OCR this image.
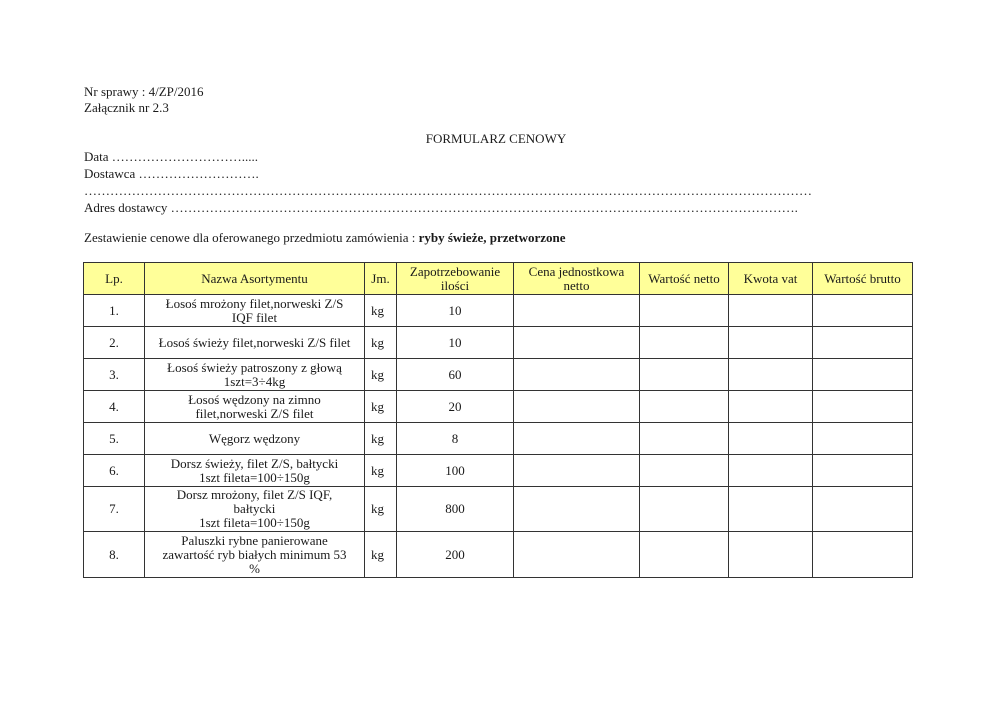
Nr sprawy : 4/ZP/2016
Załącznik nr 2.3
FORMULARZ CENOWY
Data ………………………….....
Dostawca ……………………….
……………………………………………………………………………………………………………………………………………………
Adres dostawcy ……………………………………………………………………………………………………………………………….
Zestawienie cenowe dla oferowanego przedmiotu zamówienia : ryby świeże, przetworzone
Lp.	Nazwa Asortymentu	Jm.	Zapotrzebowanie
ilości	Cena jednostkowa
netto	Wartość netto	Kwota vat	Wartość brutto
1.	Łosoś mrożony filet,norweski Z/S
IQF filet	kg	10				
2.	Łosoś świeży filet,norweski Z/S filet	kg	10				
3.	Łosoś świeży patroszony z głową
1szt=3÷4kg	kg	60				
4.	Łosoś wędzony na zimno
filet,norweski Z/S filet	kg	20				
5.	Węgorz wędzony	kg	8				
6.	Dorsz świeży, filet Z/S, bałtycki
1szt fileta=100÷150g	kg	100				
7.	Dorsz mrożony, filet Z/S IQF,
bałtycki
1szt fileta=100÷150g	kg	800				
8.	Paluszki rybne panierowane
zawartość ryb białych minimum 53
%	kg	200				
